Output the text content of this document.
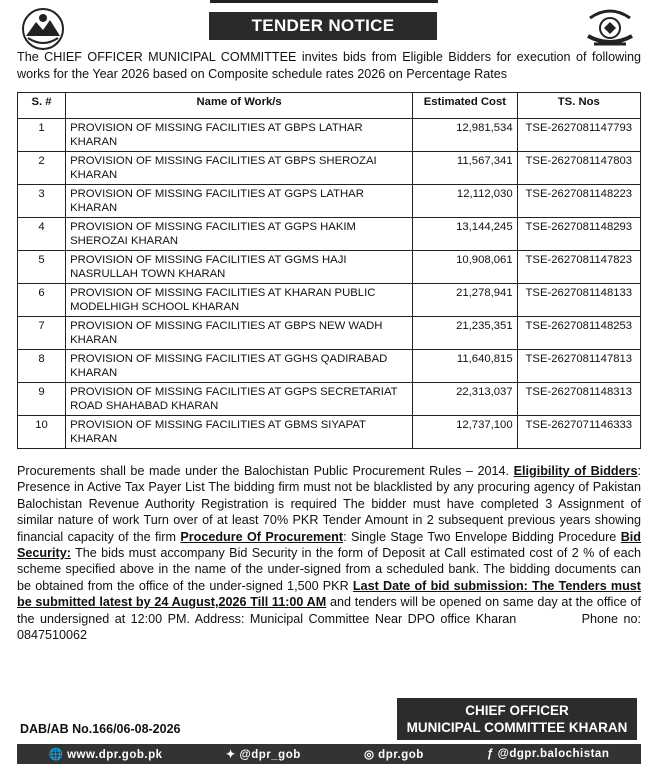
TENDER NOTICE
The CHIEF OFFICER MUNICIPAL COMMITTEE invites bids from Eligible Bidders for execution of following works for the Year 2026 based on Composite schedule rates 2026 on Percentage Rates
S. #	Name of Work/s	Estimated Cost	TS. Nos
1	PROVISION OF MISSING FACILITIES AT GBPS LATHAR KHARAN	12,981,534	TSE-2627081147793
2	PROVISION OF MISSING FACILITIES AT GBPS SHEROZAI KHARAN	11,567,341	TSE-2627081147803
3	PROVISION OF MISSING FACILITIES AT GGPS LATHAR KHARAN	12,112,030	TSE-2627081148223
4	PROVISION OF MISSING FACILITIES AT GGPS HAKIM SHEROZAI KHARAN	13,144,245	TSE-2627081148293
5	PROVISION OF MISSING FACILITIES AT GGMS HAJI NASRULLAH TOWN KHARAN	10,908,061	TSE-2627081147823
6	PROVISION OF MISSING FACILITIES AT KHARAN PUBLIC MODELHIGH SCHOOL KHARAN	21,278,941	TSE-2627081148133
7	PROVISION OF MISSING FACILITIES AT GBPS NEW WADH KHARAN	21,235,351	TSE-2627081148253
8	PROVISION OF MISSING FACILITIES AT GGHS QADIRABAD KHARAN	11,640,815	TSE-2627081147813
9	PROVISION OF MISSING FACILITIES AT GGPS SECRETARIAT ROAD SHAHABAD KHARAN	22,313,037	TSE-2627081148313
10	PROVISION OF MISSING FACILITIES AT GBMS SIYAPAT KHARAN	12,737,100	TSE-2627071146333
Procurements shall be made under the Balochistan Public Procurement Rules – 2014. Eligibility of Bidders: Presence in Active Tax Payer List The bidding firm must not be blacklisted by any procuring agency of Pakistan Balochistan Revenue Authority Registration is required The bidder must have completed 3 Assignment of similar nature of work Turn over of at least 70% PKR Tender Amount in 2 subsequent previous years showing financial capacity of the firm Procedure Of Procurement: Single Stage Two Envelope Bidding Procedure Bid Security: The bids must accompany Bid Security in the form of Deposit at Call estimated cost of 2 % of each scheme specified above in the name of the under-signed from a scheduled bank. The bidding documents can be obtained from the office of the under-signed 1,500 PKR Last Date of bid submission: The Tenders must be submitted latest by 24 August,2026 Till 11:00 AM and tenders will be opened on same day at the office of the undersigned at 12:00 PM. Address: Municipal Committee Near DPO office Kharan	Phone no: 0847510062
DAB/AB No.166/06-08-2026
CHIEF OFFICER
MUNICIPAL COMMITTEE KHARAN
🌐 www.dpr.gob.pk	✦ @dpr_gob	◎ dpr.gob	ƒ @dgpr.balochistan
